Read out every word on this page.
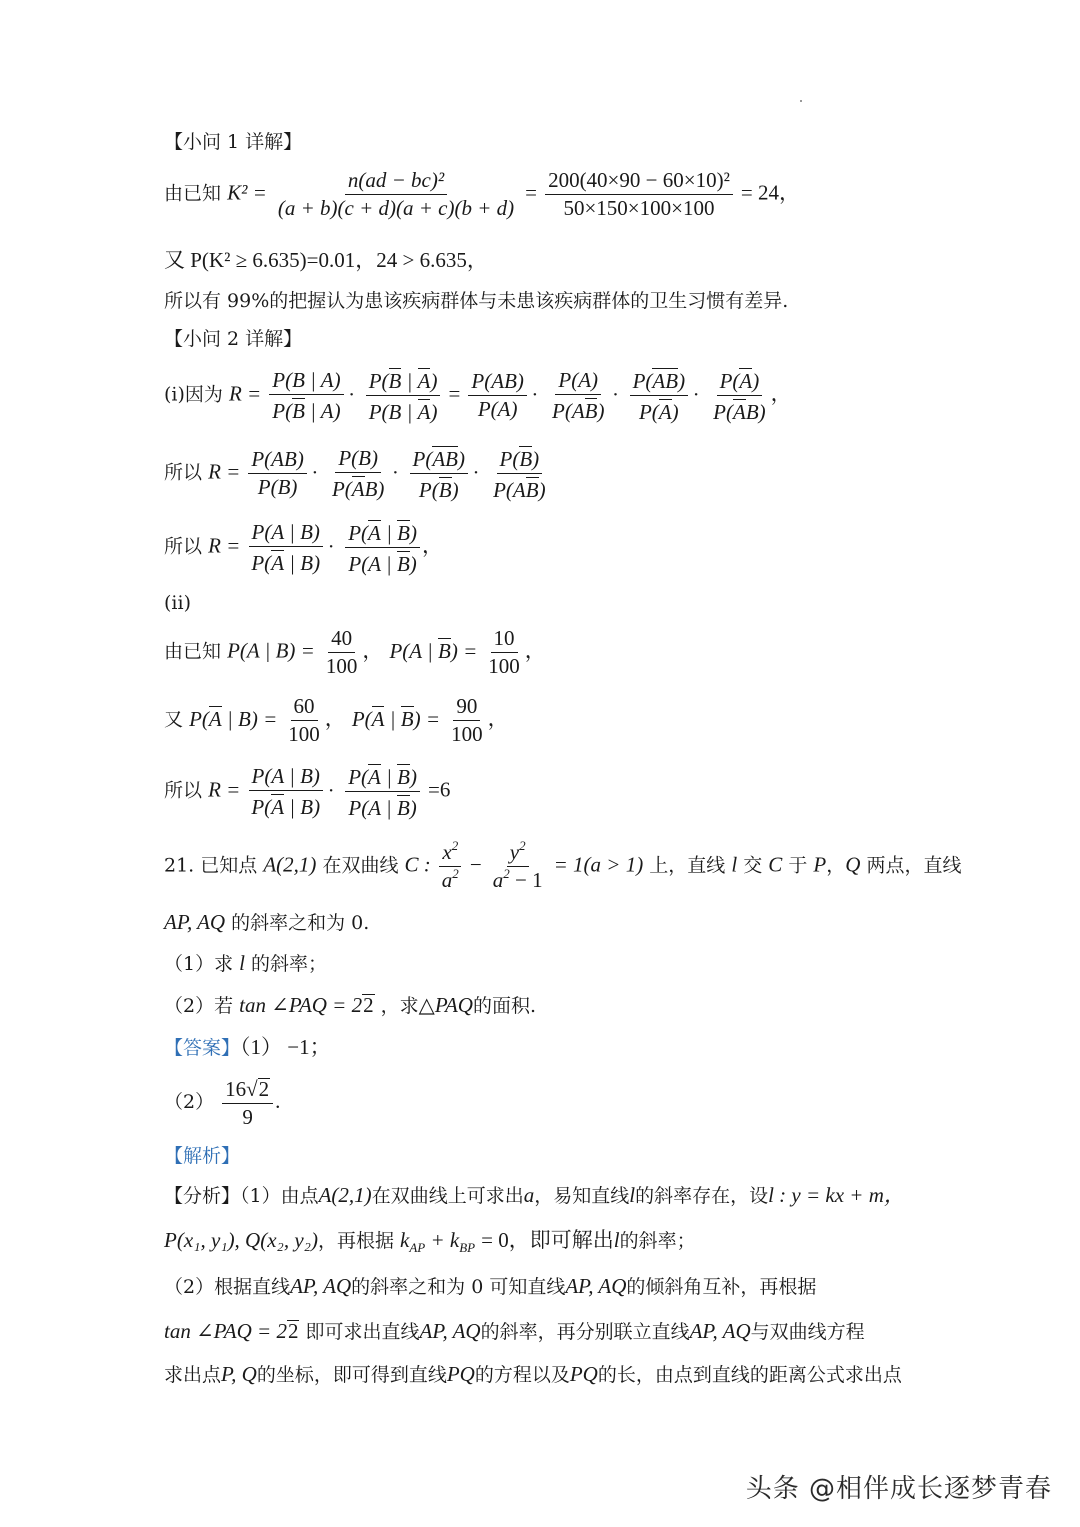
【小问 1 详解】
由已知 $K^2 = \frac{\text{n(ad − bc)²}}{(a + b)(c + d)(a + c)(b + d)} = \frac{\text{200(40×90 − 60×10)²}}{50\times 150\times 100\times 100} = 24$，
又 P(K² ≥ 6.635)=0.01，24 > 6.635，
所以有 99%的把握认为患该疾病群体与未患该疾病群体的卫生习惯有差异.
【小问 2 详解】
(i)因为 $R = \frac{P(B | A)}{P(B | A)} \cdot \frac{P(B | A)}{P(B | A)} = \frac{P(AB)}{P(A)} \cdot \frac{P(A)}{P(AB)} \cdot \frac{P(AB)}{P(A)} \cdot \frac{P(A)}{P(AB)}$ ，
所以 $R = \frac{P(AB)}{P(B)} \cdot \frac{P(B)}{P(AB)} \cdot \frac{P(AB)}{P(B)} \cdot \frac{P(B)}{P(AB)}$
所以 $R = \frac{P(A | B)}{P(A | B)} \cdot \frac{P(A | B)}{P(A | B)}$ ，
(ii)
由已知 P(A | $B) = \frac{40}{100}$ ， P(A | $B) = \frac{10}{100}$ ，
又 P(A | $B) = \frac{60}{100}$ ， P(A | $B) = \frac{90}{100}$ ，
所以 $R = \frac{P(A | B)}{P(A | B)} \cdot \frac{P(A | B)}{P(A | B)} =6$
21. 已知点 A(2,1) 在双曲线 C : $\frac{x^2}{a^2} - \frac{y^2}{a^2 - 1} = 1(a > 1)$ 上，直线 l 交 C 于 P，Q 两点，直线
AP, AQ 的斜率之和为 0.
（1）求 l 的斜率；
（2）若 tan ∠PAQ = 22 ，求△PAQ的面积.
【答案】（1） −1；
$(2) \frac{16√2}{9}$ .
【解析】
【分析】（1）由点A(2,1)在双曲线上可求出a，易知直线l的斜率存在，设l : y = kx + m，
P(x₁, y₁), Q(x₂, y₂)，再根据 $k_{AP} + k_{BP} = 0$，即可解出l的斜率；
（2）根据直线AP, AQ的斜率之和为 0 可知直线AP, AQ的倾斜角互补，再根据
tan ∠PAQ = 22 即可求出直线AP, AQ的斜率，再分别联立直线AP, AQ与双曲线方程
求出点P, Q的坐标，即可得到直线PQ的方程以及PQ的长，由点到直线的距离公式求出点
头条 @相伴成长逐梦青春
